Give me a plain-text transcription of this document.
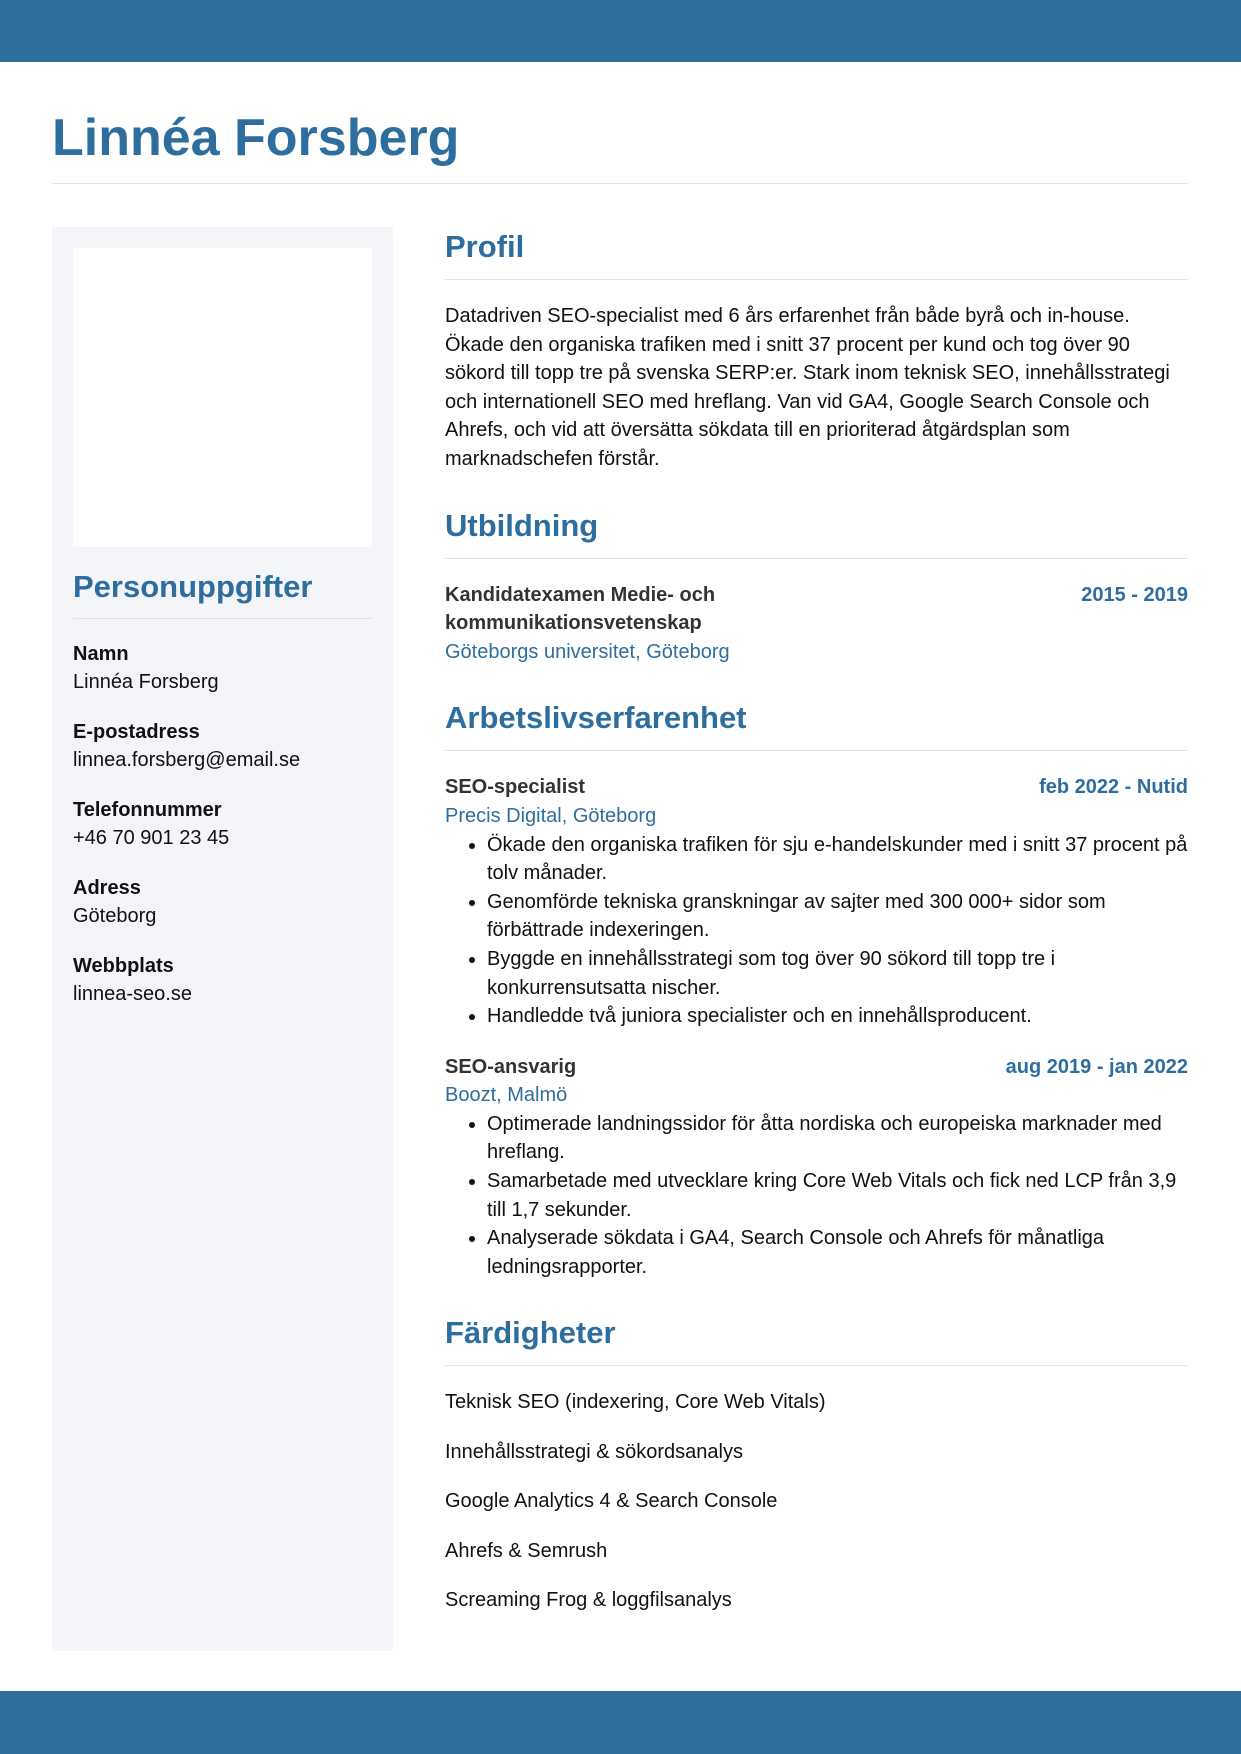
Linnéa Forsberg
Personuppgifter
Namn
Linnéa Forsberg
E-postadress
linnea.forsberg@email.se
Telefonnummer
+46 70 901 23 45
Adress
Göteborg
Webbplats
linnea-seo.se
Profil

Datadriven SEO-specialist med 6 års erfarenhet från både byrå och in-house. Ökade den organiska trafiken med i snitt 37 procent per kund och tog över 90 sökord till topp tre på svenska SERP:er. Stark inom teknisk SEO, innehållsstrategi och internationell SEO med hreflang. Van vid GA4, Google Search Console och Ahrefs, och vid att översätta sökdata till en prioriterad åtgärdsplan som marknadschefen förstår.

Utbildning
Kandidatexamen Medie- och kommunikationsvetenskap
2015 - 2019
Göteborgs universitet, Göteborg
Arbetslivserfarenhet
SEO-specialist	feb 2022 - Nutid
Precis Digital, Göteborg
• Ökade den organiska trafiken för sju e-handelskunder med i snitt 37 procent på tolv månader.
• Genomförde tekniska granskningar av sajter med 300 000+ sidor som förbättrade indexeringen.
• Byggde en innehållsstrategi som tog över 90 sökord till topp tre i konkurrensutsatta nischer.
• Handledde två juniora specialister och en innehållsproducent.
SEO-ansvarig	aug 2019 - jan 2022
Boozt, Malmö
• Optimerade landningssidor för åtta nordiska och europeiska marknader med hreflang.
• Samarbetade med utvecklare kring Core Web Vitals och fick ned LCP från 3,9 till 1,7 sekunder.
• Analyserade sökdata i GA4, Search Console och Ahrefs för månatliga ledningsrapporter.
Färdigheter
Teknisk SEO (indexering, Core Web Vitals)
Innehållsstrategi & sökordsanalys
Google Analytics 4 & Search Console
Ahrefs & Semrush
Screaming Frog & loggfilsanalys
